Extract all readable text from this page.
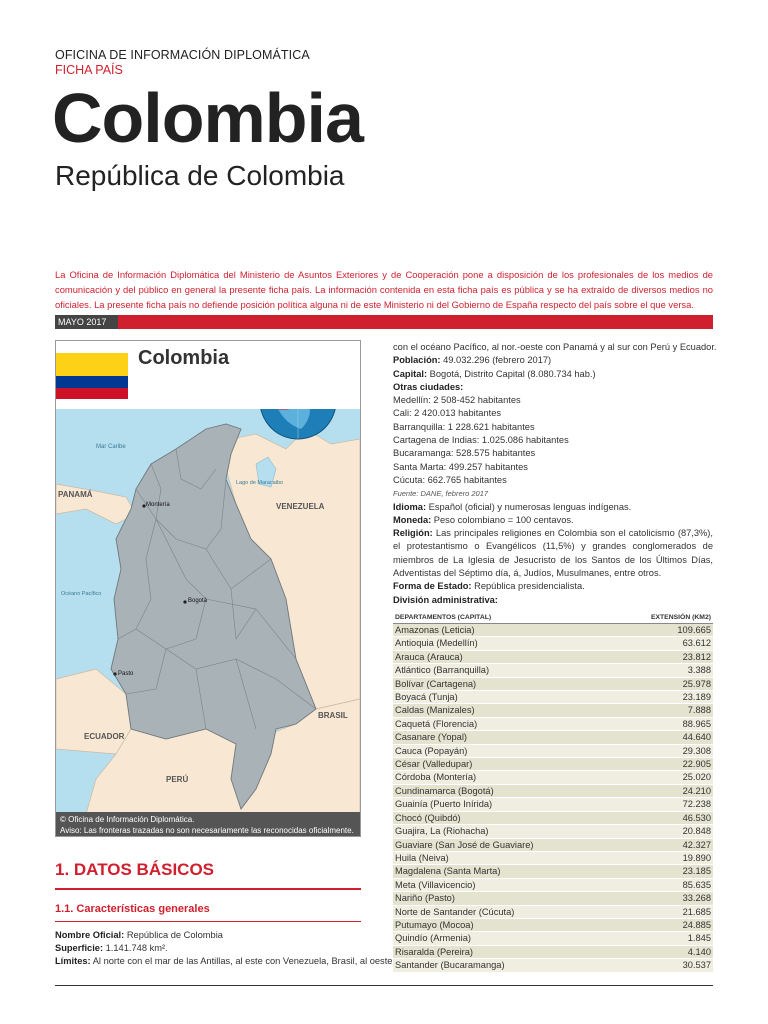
OFICINA DE INFORMACIÓN DIPLOMÁTICA
FICHA PAÍS
Colombia
República de Colombia
La Oficina de Información Diplomática del Ministerio de Asuntos Exteriores y de Cooperación pone a disposición de los profesionales de los medios de comunicación y del público en general la presente ficha país. La información contenida en esta ficha país es pública y se ha extraído de diversos medios no oficiales. La presente ficha país no defiende posición política alguna ni de este Ministerio ni del Gobierno de España respecto del país sobre el que versa.
MAYO 2017
Colombia
Mar Caribe
Lago de Maracaibo
PANAMÁ
VENEZUELA
Montería
Océano Pacífico
Bogotá
Pasto
BRASIL
ECUADOR
PERÚ
© Oficina de Información Diplomática.
Aviso: Las fronteras trazadas no son necesariamente las reconocidas oficialmente.
1. DATOS BÁSICOS
1.1. Características generales
Nombre Oficial: República de Colombia
Superficie: 1.141.748 km².
Límites: Al norte con el mar de las Antillas, al este con Venezuela, Brasil, al oeste
con el océano Pacífico, al nor.-oeste con Panamá y al sur con Perú y Ecuador.
Población: 49.032.296 (febrero 2017)
Capital: Bogotá, Distrito Capital (8.080.734 hab.)
Otras ciudades:
Medellín: 2 508-452 habitantes
Cali: 2 420.013 habitantes
Barranquilla: 1 228.621 habitantes
Cartagena de Indias: 1.025.086 habitantes
Bucaramanga: 528.575 habitantes
Santa Marta: 499.257 habitantes
Cúcuta: 662.765 habitantes
Fuente: DANE, febrero 2017
Idioma: Español (oficial) y numerosas lenguas indígenas.
Moneda: Peso colombiano = 100 centavos.
Religión: Las principales religiones en Colombia son el catolicismo (87,3%), el protestantismo o Evangélicos (11,5%) y grandes conglomerados de miembros de La Iglesia de Jesucristo de los Santos de los Últimos Días, Adventistas del Séptimo día, á, Judíos, Musulmanes, entre otros.
Forma de Estado: República presidencialista.
División administrativa:
DEPARTAMENTOS (CAPITAL)	EXTENSIÓN (KM2)
Amazonas (Leticia)	109.665
Antioquia (Medellín)	63.612
Arauca (Arauca)	23.812
Atlántico (Barranquilla)	3.388
Bolívar (Cartagena)	25.978
Boyacá (Tunja)	23.189
Caldas (Manizales)	7.888
Caquetá (Florencia)	88.965
Casanare (Yopal)	44.640
Cauca (Popayán)	29.308
César (Valledupar)	22.905
Córdoba (Montería)	25.020
Cundinamarca (Bogotá)	24.210
Guainía (Puerto Inírida)	72.238
Chocó (Quibdó)	46.530
Guajira, La (Riohacha)	20.848
Guaviare (San José de Guaviare)	42.327
Huila (Neiva)	19.890
Magdalena (Santa Marta)	23.185
Meta (Villavicencio)	85.635
Nariño (Pasto)	33.268
Norte de Santander (Cúcuta)	21.685
Putumayo (Mocoa)	24.885
Quindío (Armenia)	1.845
Risaralda (Pereira)	4.140
Santander (Bucaramanga)	30.537
